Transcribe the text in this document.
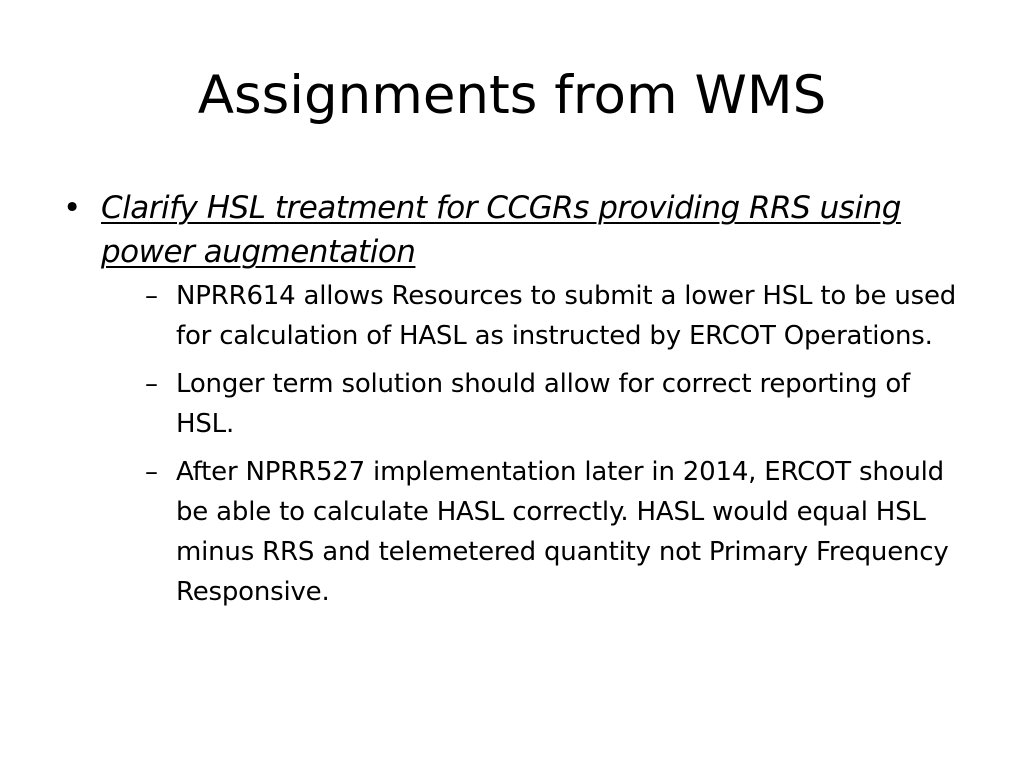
Assignments from WMS
• Clarify HSL treatment for CCGRs providing RRS using power augmentation
– NPRR614 allows Resources to submit a lower HSL to be used for calculation of HASL as instructed by ERCOT Operations.
– Longer term solution should allow for correct reporting of HSL.
– After NPRR527 implementation later in 2014, ERCOT should be able to calculate HASL correctly. HASL would equal HSL minus RRS and telemetered quantity not Primary Frequency Responsive.
